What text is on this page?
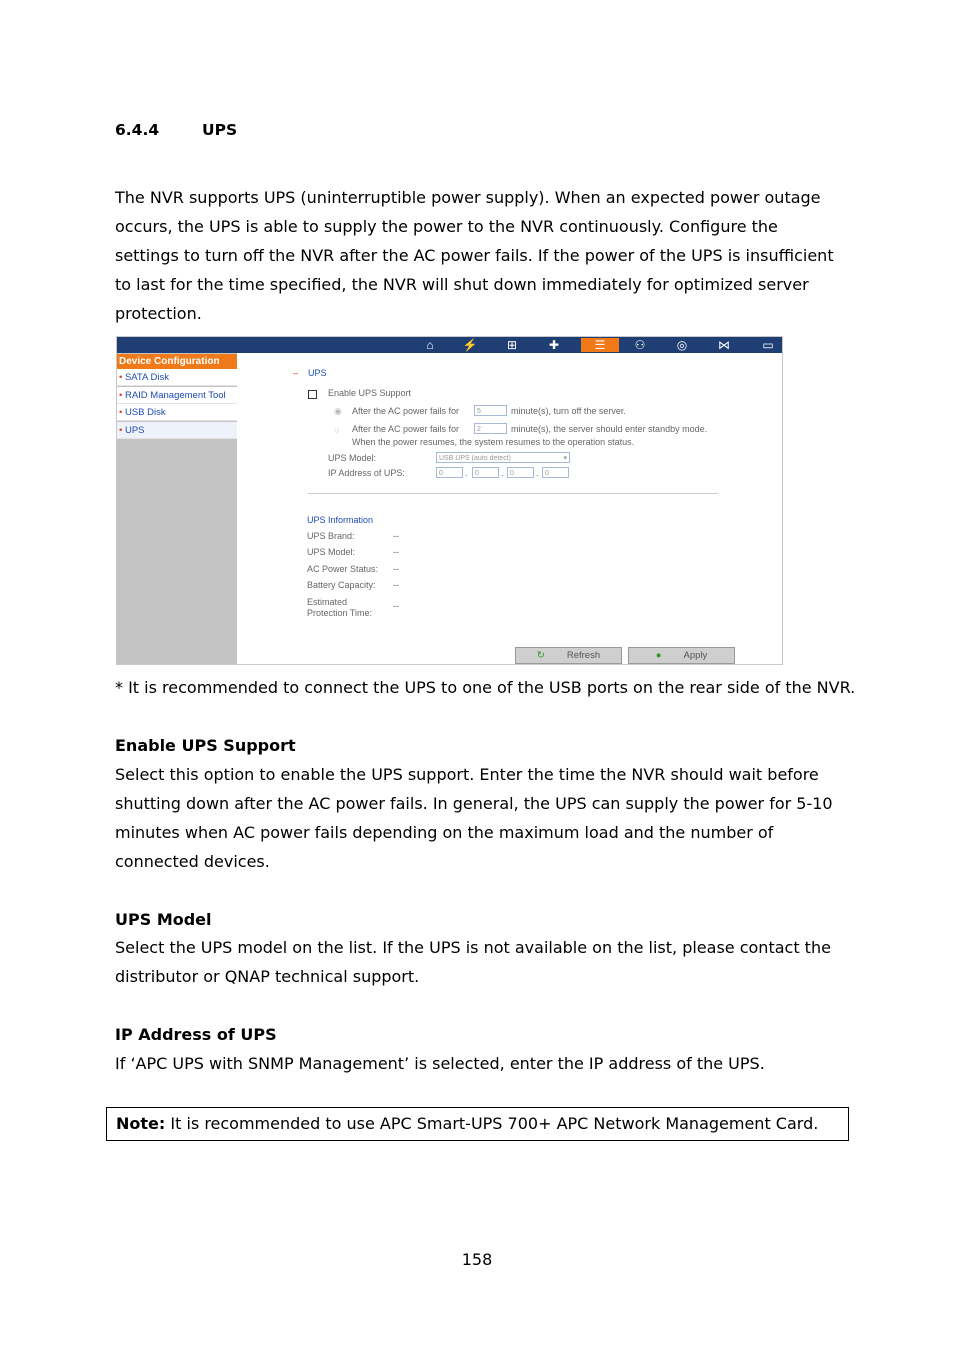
6.4.4	UPS
The NVR supports UPS (uninterruptible power supply). When an expected power outage occurs, the UPS is able to supply the power to the NVR continuously. Configure the settings to turn off the NVR after the AC power fails. If the power of the UPS is insufficient to last for the time specified, the NVR will shut down immediately for optimized server protection.
⌂	⚡	⊞	✚	☰	⚇	◎	⋈	▭
Device Configuration
• SATA Disk
• RAID Management Tool
• USB Disk
• UPS
– UPS
Enable UPS Support
◉ After the AC power fails for	5	minute(s), turn off the server.
○ After the AC power fails for	2	minute(s), the server should enter standby mode.
When the power resumes, the system resumes to the operation status.
UPS Model:	USB UPS (auto detect)	▾
IP Address of UPS:	0	.	0	. 0	. 0
UPS Information
UPS Brand:	--
UPS Model:	--
AC Power Status: --
Battery Capacity: --
Estimated
Protection Time:
--
↻ Refresh	● Apply
* It is recommended to connect the UPS to one of the USB ports on the rear side of the NVR.
Enable UPS Support
Select this option to enable the UPS support. Enter the time the NVR should wait before shutting down after the AC power fails. In general, the UPS can supply the power for 5-10 minutes when AC power fails depending on the maximum load and the number of connected devices.
UPS Model
Select the UPS model on the list. If the UPS is not available on the list, please contact the distributor or QNAP technical support.
IP Address of UPS
If ‘APC UPS with SNMP Management’ is selected, enter the IP address of the UPS.
Note: It is recommended to use APC Smart-UPS 700+ APC Network Management Card.
158
